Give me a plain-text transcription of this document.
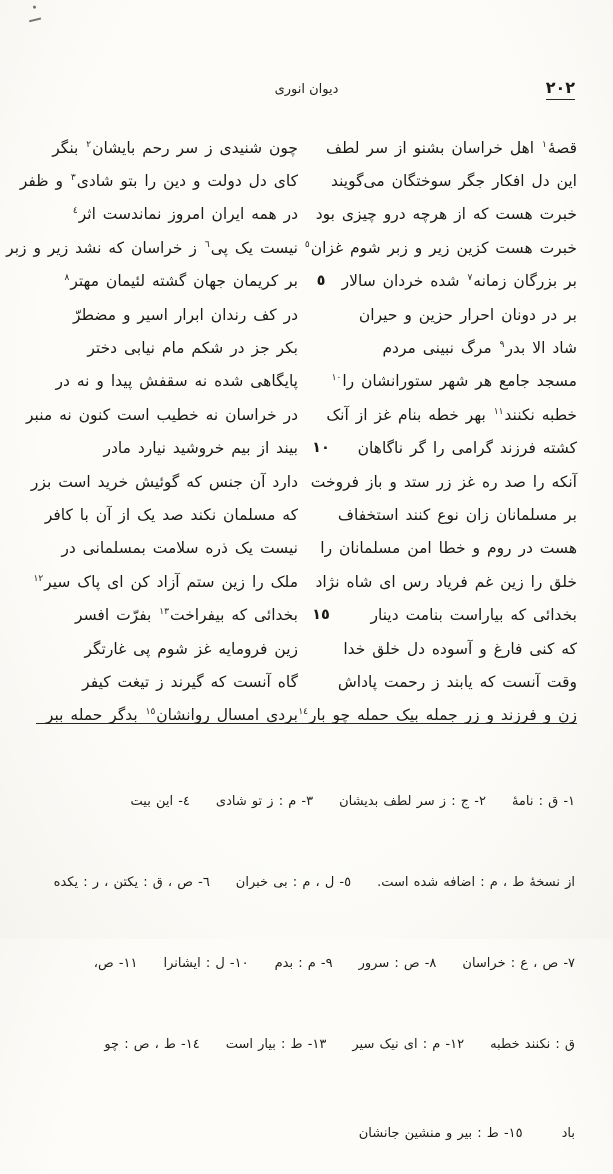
دیوان انوری	٢٠٢
قصهٔ$^١$ اهل خراسان بشنو از سر لطف
چون شنیدی ز سر رحم بایشان$^٢$ بنگر
این دل افکار جگر سوختگان می‌گویند
کای دل دولت و دین را بتو شادی$^٣$ و ظفر
خبرت هست که از هرچه درو چیزی بود
در همه ایران امروز نماندست اثر$^٤$
خبرت هست کزین زیر و زبر شوم غزان$^٥$
نیست یک پی$^٦$ ز خراسان که نشد زیر و زبر
بر بزرگان زمانه$^٧$ شده خردان سالار
٥
بر کریمان جهان گشته لئیمان مهتر$^٨$
بر در دونان احرار حزین و حیران
در کف رندان ابرار اسیر و مضطرّ
شاد الا بدر$^٩$ مرگ نبینی مردم
بکر جز در شکم مام نیابی دختر
مسجد جامع هر شهر ستورانشان را$^{١٠}$
پایگاهی شده نه سقفش پیدا و نه در
خطبه نکنند$^{١١}$ بهر خطه بنام غز از آنک
در خراسان نه خطیب است کنون نه منبر
کشته فرزند گرامی را گر ناگاهان
١٠
بیند از بیم خروشید نیارد مادر
آنکه را صد ره غز زر ستد و باز فروخت
دارد آن جنس که گوئیش خرید است بزر
بر مسلمانان زان نوع کنند استخفاف
که مسلمان نکند صد یک از آن با کافر
هست در روم و خطا امن مسلمانان را
نیست یک ذره سلامت بمسلمانی در
خلق را زین غم فریاد رس ای شاه نژاد
ملک را زین ستم آزاد کن ای پاک سیر$^{١٢}$
بخدائی که بیاراست بنامت دینار
١٥
بخدائی که بیفراخت$^{١٣}$ بفرّت افسر
که کنی فارغ و آسوده دل خلق خدا
زین فرومایه غز شوم پی غارتگر
وقت آنست که یابند ز رحمت پاداش
گاه آنست که گیرند ز تیغت کیفر
زن و فرزند و زر جمله بیک حمله چو بار$^{١٤}$
بردی امسال روانشان$^{١٥}$ بدگر حمله ببر

١- ق : نامهٔ  ٢- ج : ز سر لطف بدیشان  ٣- م : ز تو شادی  ٤- این بیت

از نسخهٔ ط ، م : اضافه شده است.  ٥- ل ، م : بی خبران  ٦- ص ، ق : یکتن ، ر : یکده

٧- ص ، ع : خراسان  ٨- ص : سرور  ٩- م : بدم  ١٠- ل : ایشانرا  ١١- ص،

ق : نکنند خطبه  ١٢- م : ای نیک سیر  ١٣- ط : بیار است  ١٤- ط ، ص : چو

باد   ١٥- ط : بیر و منشین جانشان
